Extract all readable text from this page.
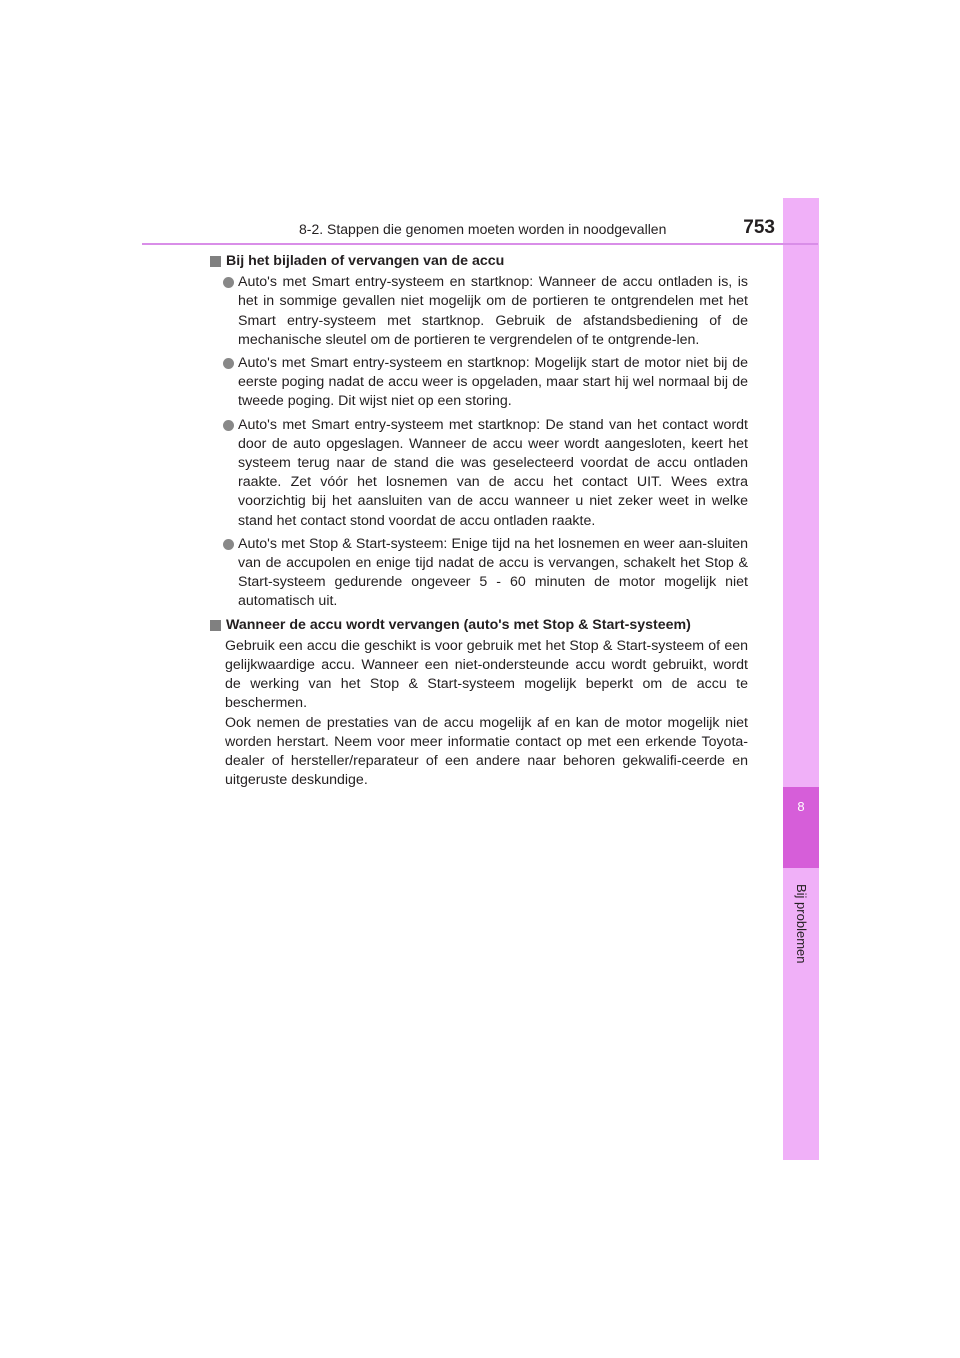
8
Bij problemen
8-2. Stappen die genomen moeten worden in noodgevallen	753
Bij het bijladen of vervangen van de accu
Auto's met Smart entry-systeem en startknop: Wanneer de accu ontladen is, is het in sommige gevallen niet mogelijk om de portieren te ontgrendelen met het Smart entry-systeem met startknop. Gebruik de afstandsbediening of de mechanische sleutel om de portieren te vergrendelen of te ontgrende-len.
Auto's met Smart entry-systeem en startknop: Mogelijk start de motor niet bij de eerste poging nadat de accu weer is opgeladen, maar start hij wel normaal bij de tweede poging. Dit wijst niet op een storing.
Auto's met Smart entry-systeem met startknop: De stand van het contact wordt door de auto opgeslagen. Wanneer de accu weer wordt aangesloten, keert het systeem terug naar de stand die was geselecteerd voordat de accu ontladen raakte. Zet vóór het losnemen van de accu het contact UIT. Wees extra voorzichtig bij het aansluiten van de accu wanneer u niet zeker weet in welke stand het contact stond voordat de accu ontladen raakte.
Auto's met Stop & Start-systeem: Enige tijd na het losnemen en weer aan-sluiten van de accupolen en enige tijd nadat de accu is vervangen, schakelt het Stop & Start-systeem gedurende ongeveer 5 - 60 minuten de motor mogelijk niet automatisch uit.
Wanneer de accu wordt vervangen (auto's met Stop & Start-systeem)

Gebruik een accu die geschikt is voor gebruik met het Stop & Start-systeem of een gelijkwaardige accu. Wanneer een niet-ondersteunde accu wordt gebruikt, wordt de werking van het Stop & Start-systeem mogelijk beperkt om de accu te beschermen.

Ook nemen de prestaties van de accu mogelijk af en kan de motor mogelijk niet worden herstart. Neem voor meer informatie contact op met een erkende Toyota-dealer of hersteller/reparateur of een andere naar behoren gekwalifi-ceerde en uitgeruste deskundige.
